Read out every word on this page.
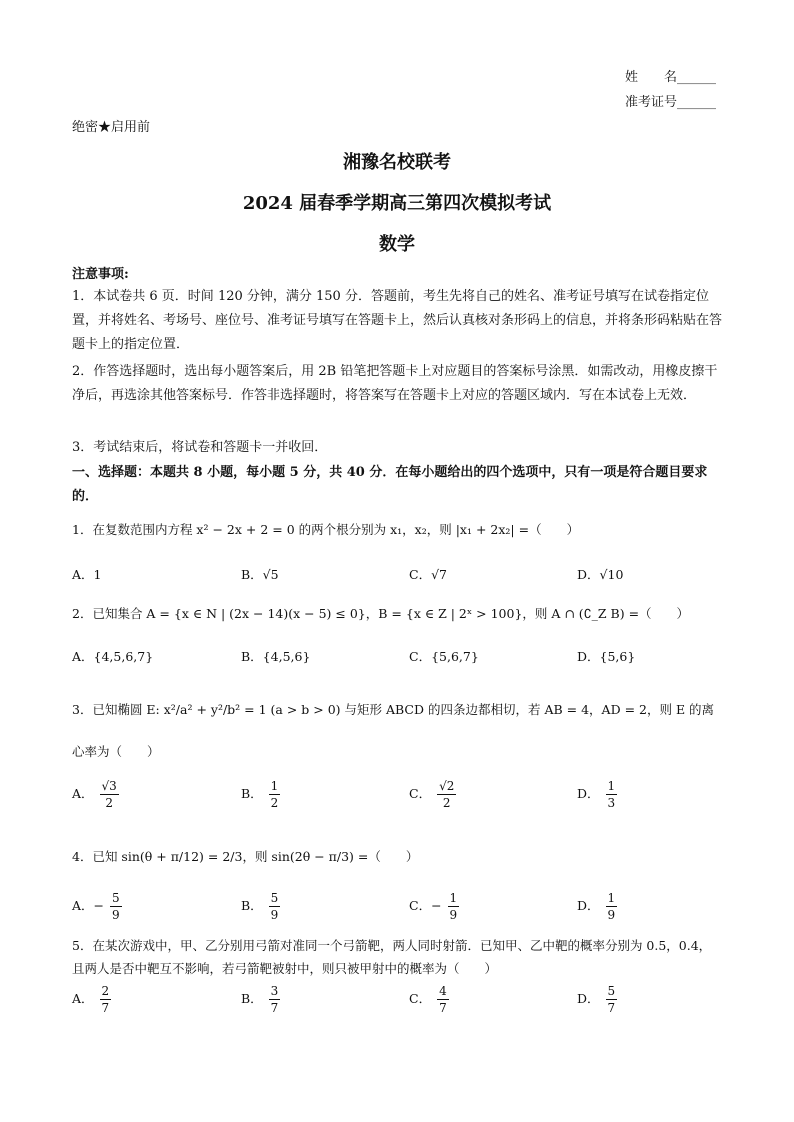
姓　　名______
准考证号______
绝密★启用前
湘豫名校联考
2024 届春季学期高三第四次模拟考试
数学
注意事项:
1．本试卷共 6 页．时间 120 分钟，满分 150 分．答题前，考生先将自己的姓名、准考证号填写在试卷指定位置，并将姓名、考场号、座位号、准考证号填写在答题卡上，然后认真核对条形码上的信息，并将条形码粘贴在答题卡上的指定位置．
2．作答选择题时，选出每小题答案后，用 2B 铅笔把答题卡上对应题目的答案标号涂黑．如需改动，用橡皮擦干净后，再选涂其他答案标号．作答非选择题时，将答案写在答题卡上对应的答题区域内．写在本试卷上无效．
3．考试结束后，将试卷和答题卡一并收回．
一、选择题：本题共 8 小题，每小题 5 分，共 40 分．在每小题给出的四个选项中，只有一项是符合题目要求的．
1．在复数范围内方程 x² − 2x + 2 = 0 的两个根分别为 x₁，x₂，则 |x₁ + 2x₂| =（　　）
A．1	B．√5	C．√7	D．√10
2．已知集合 A = {x ∈ N | (2x − 14)(x − 5) ≤ 0}，B = {x ∈ Z | 2ˣ > 100}，则 A ∩ (∁_Z B) =（　　）
A．{4,5,6,7}	B．{4,5,6}	C．{5,6,7}	D．{5,6}
3．已知椭圆 E: x²/a² + y²/b² = 1 (a > b > 0) 与矩形 ABCD 的四条边都相切，若 AB = 4，AD = 2，则 E 的离
心率为（　　）
A． $\frac{√3}{2}$	B． $\frac{1}{2}$	C． $\frac{√2}{2}$	D． $\frac{1}{3}$
4．已知 sin(θ + π/12) = 2/3，则 sin(2θ − π/3) =（　　）
A．− $\frac{5}{9}$	B． $\frac{5}{9}$	C．− $\frac{1}{9}$	D． $\frac{1}{9}$
5．在某次游戏中，甲、乙分别用弓箭对准同一个弓箭靶，两人同时射箭．已知甲、乙中靶的概率分别为 0.5，0.4，且两人是否中靶互不影响，若弓箭靶被射中，则只被甲射中的概率为（　　）
A． $\frac{2}{7}$	B． $\frac{3}{7}$	C． $\frac{4}{7}$	D． $\frac{5}{7}$
